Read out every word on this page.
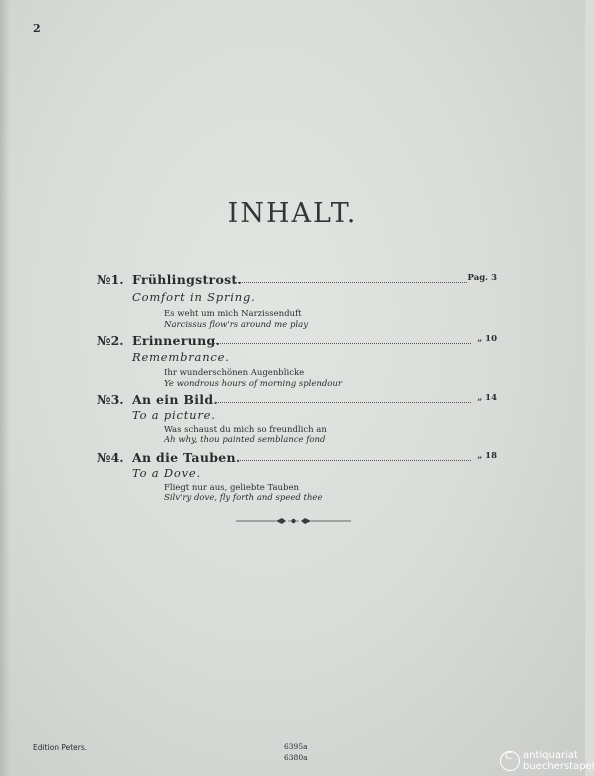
2
INHALT.
№1. Frühlingstrost.	Pag. 3
Comfort in Spring.
Es weht um mich Narzissenduft
Narcissus flow'rs around me play
№2. Erinnerung.	„ 10
Remembrance.
Ihr wunderschönen Augenblicke
Ye wondrous hours of morning splendour
№3. An ein Bild.	„ 14
To a picture.
Was schaust du mich so freundlich an
Ah why, thou painted semblance fond
№4. An die Tauben.	„ 18
To a Dove.
Fliegt nur aus, geliebte Tauben
Silv'ry dove, fly forth and speed thee
Edition Peters.	6395a
6380a	C antiquariat
buecherstapel
